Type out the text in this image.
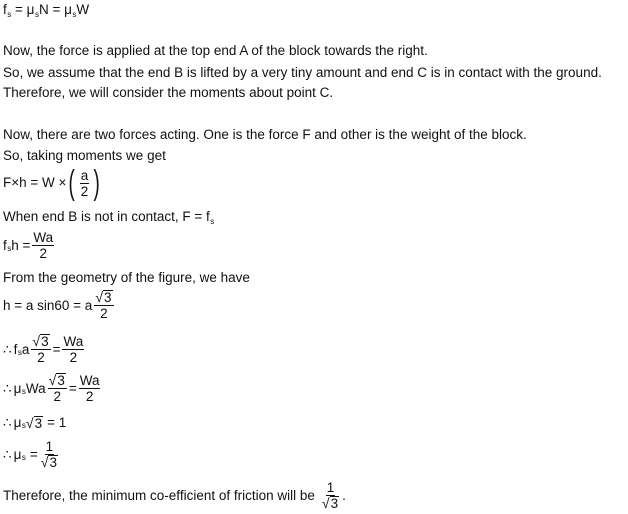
$f_s = \mu_sN = \mu_sW$
Now, the force is applied at the top end A of the block towards the right.
So, we assume that the end B is lifted by a very tiny amount and end C is in contact with the ground.
Therefore, we will consider the moments about point C.
Now, there are two forces acting. One is the force F and other is the weight of the block.
So, taking moments we get
F×h = W × ( $\frac{a}{2}$ )
When end B is not in contact, $F = f_s$
f s $h = \frac{Wa}{2}$
From the geometry of the figure, we have
h = a sin60 = a $\frac{√ 3}{2}$
∴ f s a $\frac{√ 3}{2} = \frac{Wa}{2}$
∴ μ s Wa $\frac{√ 3}{2} = \frac{Wa}{2}$
∴ μ s √ 3 = 1
∴ μ $s = \frac{1}{√ 3}$
Therefore, the minimum co-efficient of friction will be $\frac{1}{√ 3}$ .
